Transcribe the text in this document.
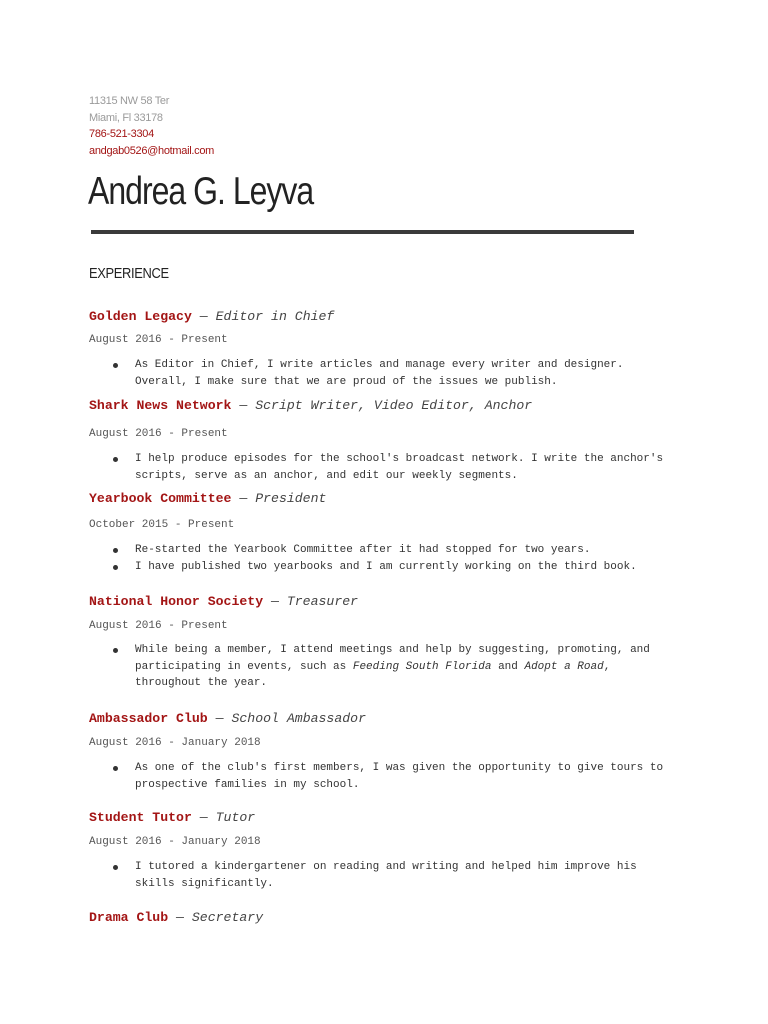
11315 NW 58 Ter
Miami, Fl 33178
786-521-3304
andgab0526@hotmail.com
Andrea G. Leyva
EXPERIENCE
Golden Legacy — Editor in Chief
August 2016 - Present
As Editor in Chief, I write articles and manage every writer and designer. Overall, I make sure that we are proud of the issues we publish.
Shark News Network — Script Writer, Video Editor, Anchor
August 2016 - Present
I help produce episodes for the school's broadcast network. I write the anchor's scripts, serve as an anchor, and edit our weekly segments.
Yearbook Committee — President
October 2015 - Present
Re-started the Yearbook Committee after it had stopped for two years.
I have published two yearbooks and I am currently working on the third book.
National Honor Society — Treasurer
August 2016 - Present
While being a member, I attend meetings and help by suggesting, promoting, and participating in events, such as Feeding South Florida and Adopt a Road, throughout the year.
Ambassador Club — School Ambassador
August 2016 - January 2018
As one of the club's first members, I was given the opportunity to give tours to prospective families in my school.
Student Tutor — Tutor
August 2016 - January 2018
I tutored a kindergartener on reading and writing and helped him improve his skills significantly.
Drama Club — Secretary
